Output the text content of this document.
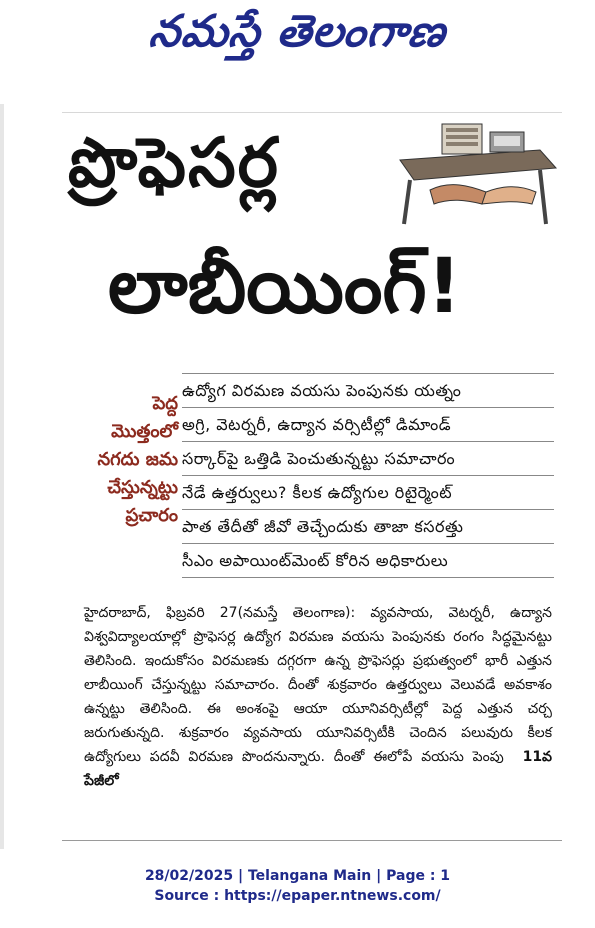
నమస్తే తెలంగాణ
ప్రొఫెసర్ల
లాబీయింగ్!
పెద్ద
మొత్తంలో
నగదు జమ
చేస్తున్నట్టు
ప్రచారం
ఉద్యోగ విరమణ వయసు పెంపునకు యత్నం
అగ్రి, వెటర్నరీ, ఉద్యాన వర్సిటీల్లో డిమాండ్
సర్కార్‌పై ఒత్తిడి పెంచుతున్నట్టు సమాచారం
నేడే ఉత్తర్వులు? కీలక ఉద్యోగుల రిటైర్మెంట్
పాత తేదీతో జీవో తెచ్చేందుకు తాజా కసరత్తు
సీఎం అపాయింట్‌మెంట్ కోరిన అధికారులు
హైదరాబాద్, ఫిబ్రవరి 27(నమస్తే తెలంగాణ): వ్యవసాయ, వెటర్నరీ, ఉద్యాన విశ్వవిద్యాలయాల్లో ప్రొఫెసర్ల ఉద్యోగ విరమణ వయసు పెంపునకు రంగం సిద్ధమైనట్టు తెలిసింది. ఇందుకోసం విరమణకు దగ్గరగా ఉన్న ప్రొఫెసర్లు ప్రభుత్వంలో భారీ ఎత్తున లాబీయింగ్ చేస్తున్నట్టు సమాచారం. దీంతో శుక్రవారం ఉత్తర్వులు వెలువడే అవకాశం ఉన్నట్టు తెలిసింది. ఈ అంశంపై ఆయా యూనివర్సిటీల్లో పెద్ద ఎత్తున చర్చ జరుగుతున్నది. శుక్రవారం వ్యవసాయ యూనివర్సిటీకి చెందిన పలువురు కీలక ఉద్యోగులు పదవీ విరమణ పొందనున్నారు. దీంతో ఈలోపే వయసు పెంపు 11వ పేజీలో
28/02/2025 | Telangana Main | Page : 1
Source : https://epaper.ntnews.com/
